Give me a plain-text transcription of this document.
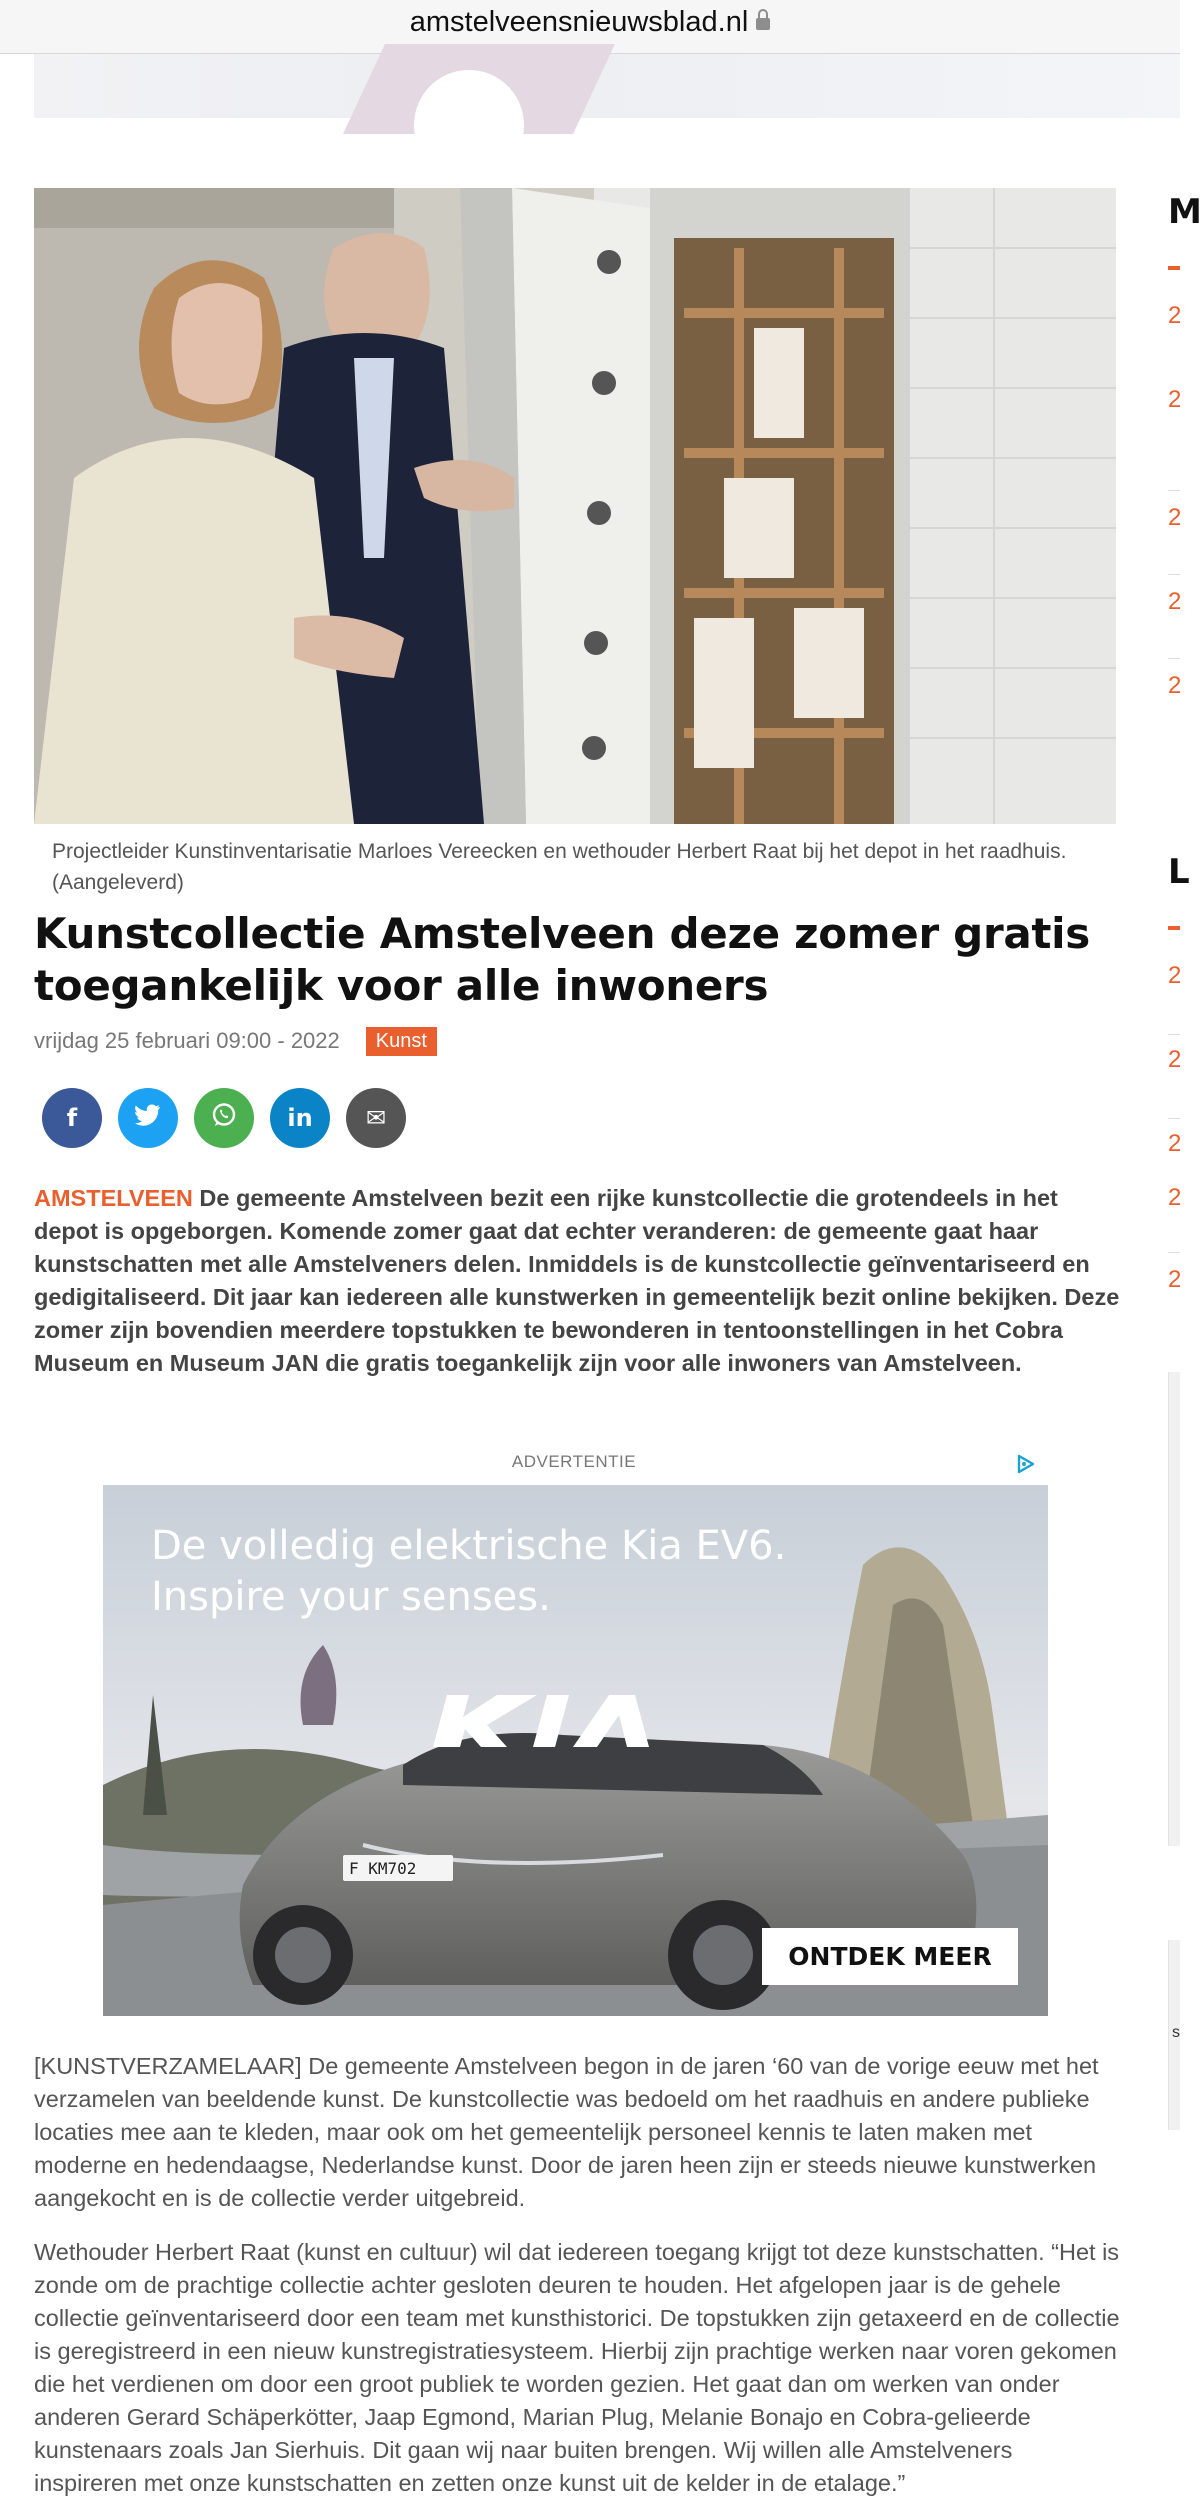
amstelveensnieuwsblad.nl
Projectleider Kunstinventarisatie Marloes Vereecken en wethouder Herbert Raat bij het depot in het raadhuis. (Aangeleverd)
Kunstcollectie Amstelveen deze zomer gratis toegankelijk voor alle inwoners
vrijdag 25 februari 09:00 - 2022	Kunst
f	in ✉

AMSTELVEEN De gemeente Amstelveen bezit een rijke kunstcollectie die grotendeels in het depot is opgeborgen. Komende zomer gaat dat echter veranderen: de gemeente gaat haar kunstschatten met alle Amstelveners delen. Inmiddels is de kunstcollectie geïnventariseerd en gedigitaliseerd. Dit jaar kan iedereen alle kunstwerken in gemeentelijk bezit online bekijken. Deze zomer zijn bovendien meerdere topstukken te bewonderen in tentoonstellingen in het Cobra Museum en Museum JAN die gratis toegankelijk zijn voor alle inwoners van Amstelveen.

ADVERTENTIE
De volledig elektrische Kia EV6.
Inspire your senses.
F KM702
ONTDEK MEER

[KUNSTVERZAMELAAR] De gemeente Amstelveen begon in de jaren ‘60 van de vorige eeuw met het verzamelen van beeldende kunst. De kunstcollectie was bedoeld om het raadhuis en andere publieke locaties mee aan te kleden, maar ook om het gemeentelijk personeel kennis te laten maken met moderne en hedendaagse, Nederlandse kunst. Door de jaren heen zijn er steeds nieuwe kunstwerken aangekocht en is de collectie verder uitgebreid.

Wethouder Herbert Raat (kunst en cultuur) wil dat iedereen toegang krijgt tot deze kunstschatten. “Het is zonde om de prachtige collectie achter gesloten deuren te houden. Het afgelopen jaar is de gehele collectie geïnventariseerd door een team met kunsthistorici. De topstukken zijn getaxeerd en de collectie is geregistreerd in een nieuw kunstregistratiesysteem. Hierbij zijn prachtige werken naar voren gekomen die het verdienen om door een groot publiek te worden gezien. Het gaat dan om werken van onder anderen Gerard Schäperkötter, Jaap Egmond, Marian Plug, Melanie Bonajo en Cobra-gelieerde kunstenaars zoals Jan Sierhuis. Dit gaan wij naar buiten brengen. Wij willen alle Amstelveners inspireren met onze kunstschatten en zetten onze kunst uit de kelder in de etalage.”

M
2
2
2
2
2
L
2
2
2
2
2
s
